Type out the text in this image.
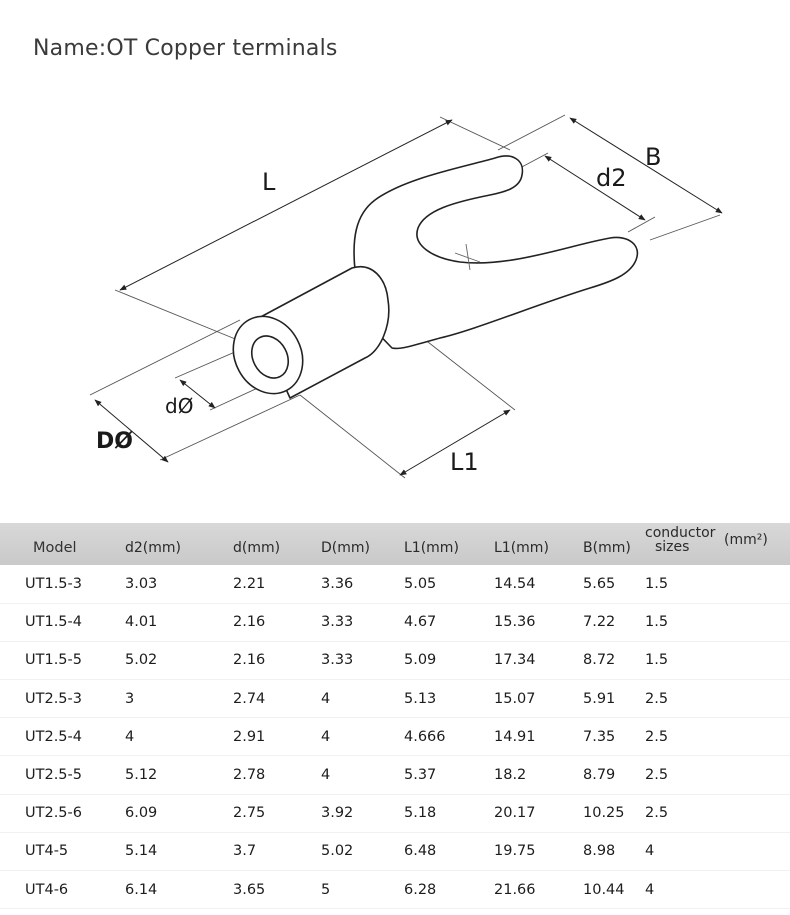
Name:OT Copper terminals
L
B
d2
dØ
DØ
L1
Model	d2(mm)	d(mm)	D(mm)	L1(mm)	L1(mm)	B(mm)	conductor
sizes (mm²)

UT1.5-3	3.03	2.21	3.36	5.05	14.54	5.65	1.5
UT1.5-4	4.01	2.16	3.33	4.67	15.36	7.22	1.5
UT1.5-5	5.02	2.16	3.33	5.09	17.34	8.72	1.5
UT2.5-3	3	2.74	4	5.13	15.07	5.91	2.5
UT2.5-4	4	2.91	4	4.666	14.91	7.35	2.5
UT2.5-5	5.12	2.78	4	5.37	18.2	8.79	2.5
UT2.5-6	6.09	2.75	3.92	5.18	20.17	10.25	2.5
UT4-5	5.14	3.7	5.02	6.48	19.75	8.98	4
UT4-6	6.14	3.65	5	6.28	21.66	10.44	4
